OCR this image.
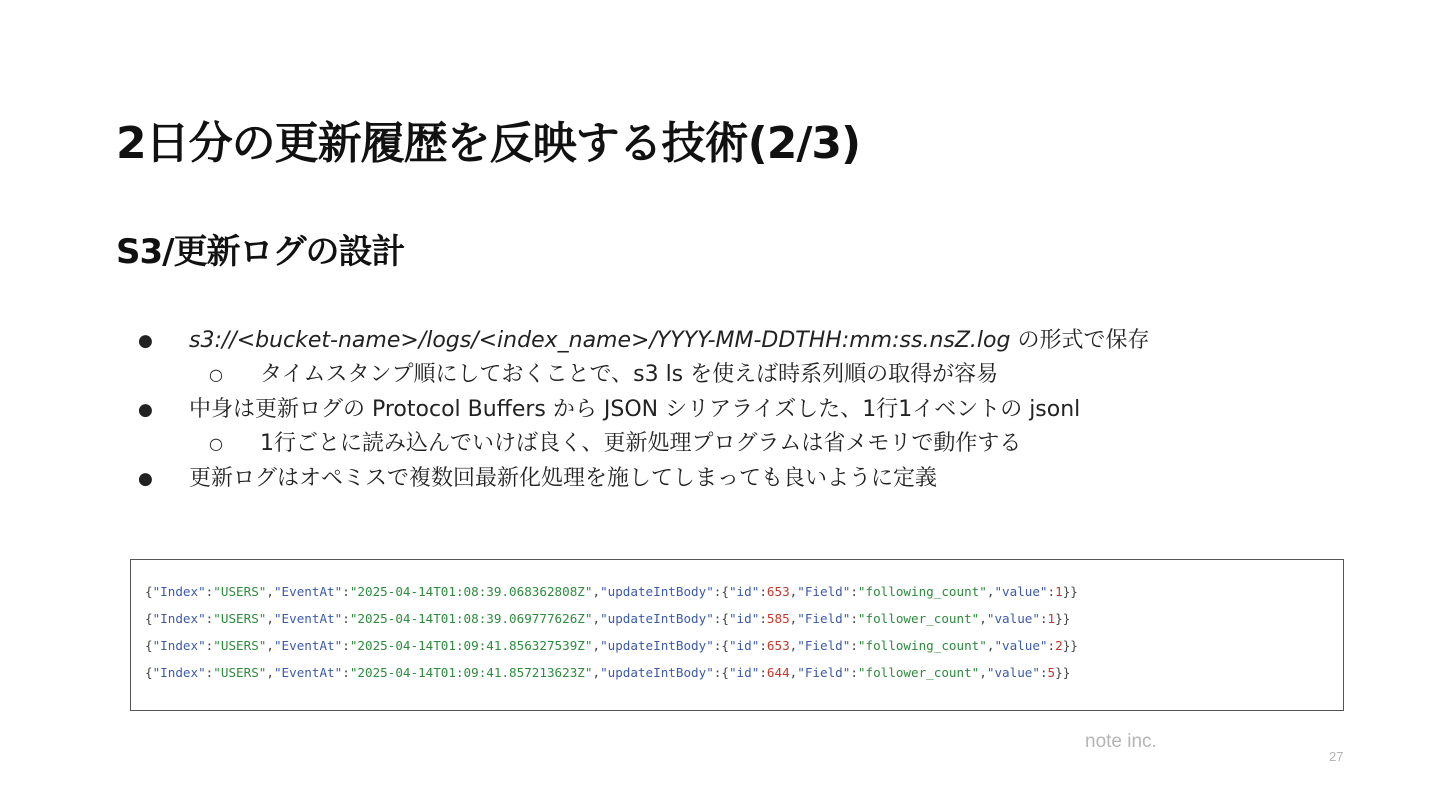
2日分の更新履歴を反映する技術(2/3)
S3/更新ログの設計
● s3://<bucket-name>/logs/<index_name>/YYYY-MM-DDTHH:mm:ss.nsZ.log の形式で保存
○ タイムスタンプ順にしておくことで、s3 ls を使えば時系列順の取得が容易
● 中身は更新ログの Protocol Buffers から JSON シリアライズした、1行1イベントの jsonl
○ 1行ごとに読み込んでいけば良く、更新処理プログラムは省メモリで動作する
● 更新ログはオペミスで複数回最新化処理を施してしまっても良いように定義
{"Index":"USERS","EventAt":"2025-04-14T01:08:39.068362808Z","updateIntBody":{"id":653,"Field":"following_count","value":1}}
{"Index":"USERS","EventAt":"2025-04-14T01:08:39.069777626Z","updateIntBody":{"id":585,"Field":"follower_count","value":1}}
{"Index":"USERS","EventAt":"2025-04-14T01:09:41.856327539Z","updateIntBody":{"id":653,"Field":"following_count","value":2}}
{"Index":"USERS","EventAt":"2025-04-14T01:09:41.857213623Z","updateIntBody":{"id":644,"Field":"follower_count","value":5}}
note inc.
27
